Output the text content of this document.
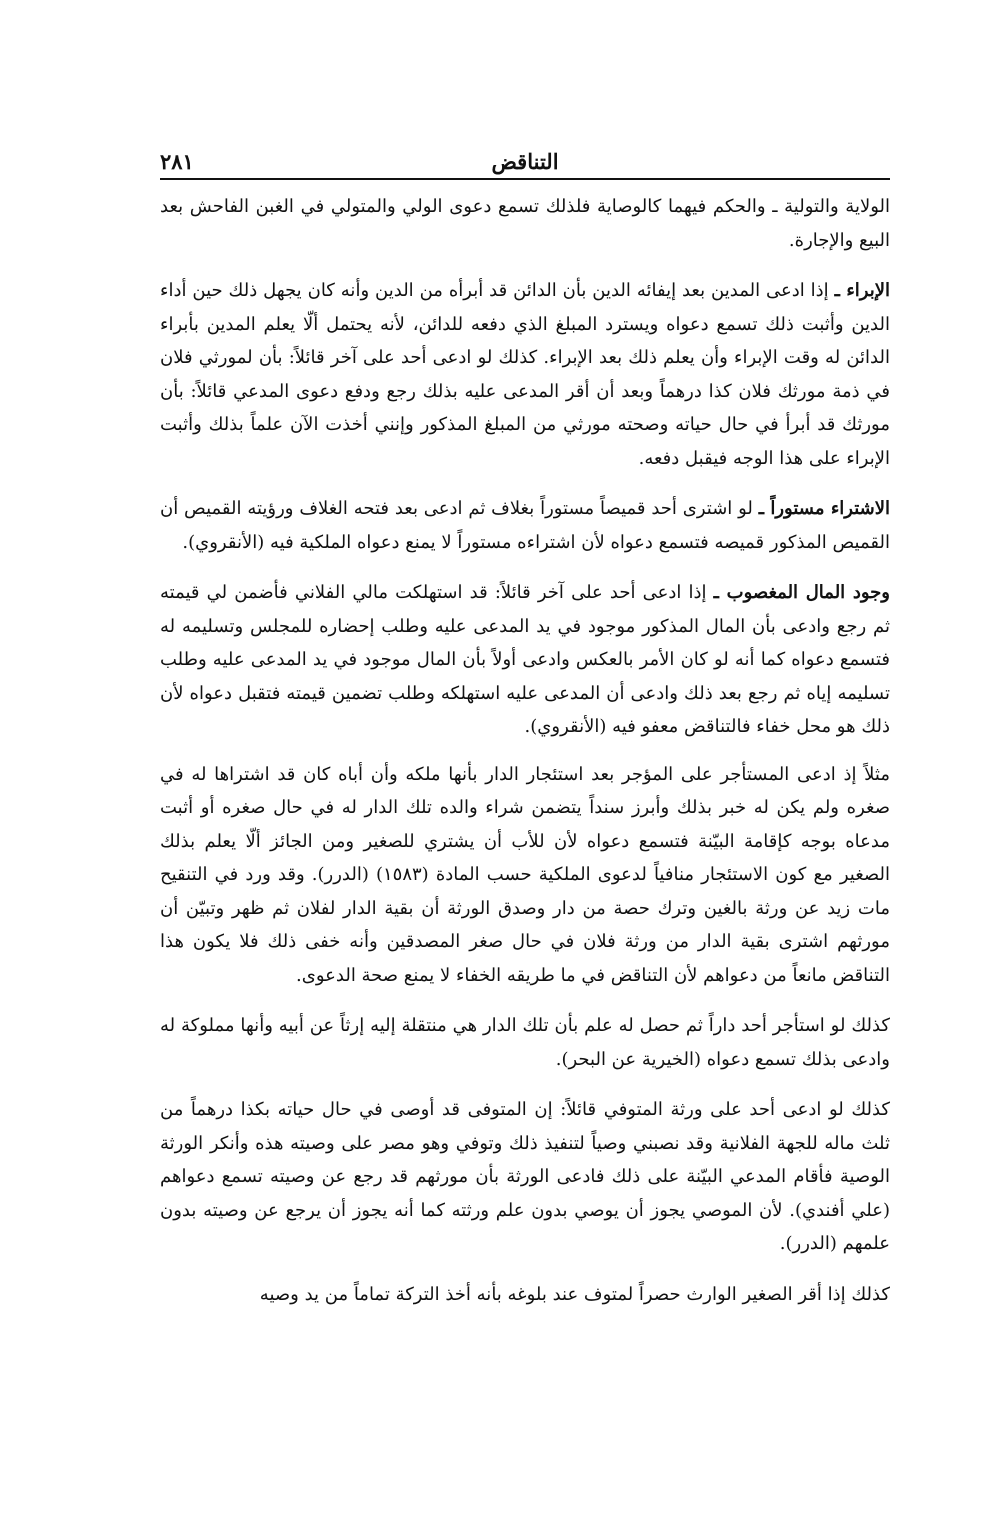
التناقض
٢٨١

الولاية والتولية ـ والحكم فيهما كالوصاية فلذلك تسمع دعوى الولي والمتولي في الغبن الفاحش بعد البيع والإجارة.

الإبراء ـ إذا ادعى المدين بعد إيفائه الدين بأن الدائن قد أبرأه من الدين وأنه كان يجهل ذلك حين أداء الدين وأثبت ذلك تسمع دعواه ويسترد المبلغ الذي دفعه للدائن، لأنه يحتمل ألّا يعلم المدين بأبراء الدائن له وقت الإبراء وأن يعلم ذلك بعد الإبراء. كذلك لو ادعى أحد على آخر قائلاً: بأن لمورثي فلان في ذمة مورثك فلان كذا درهماً وبعد أن أقر المدعى عليه بذلك رجع ودفع دعوى المدعي قائلاً: بأن مورثك قد أبرأ في حال حياته وصحته مورثي من المبلغ المذكور وإنني أخذت الآن علماً بذلك وأثبت الإبراء على هذا الوجه فيقبل دفعه.

الاشتراء مستوراً ـ لو اشترى أحد قميصاً مستوراً بغلاف ثم ادعى بعد فتحه الغلاف ورؤيته القميص أن القميص المذكور قميصه فتسمع دعواه لأن اشتراءه مستوراً لا يمنع دعواه الملكية فيه (الأنقروي).

وجود المال المغصوب ـ إذا ادعى أحد على آخر قائلاً: قد استهلكت مالي الفلاني فأضمن لي قيمته ثم رجع وادعى بأن المال المذكور موجود في يد المدعى عليه وطلب إحضاره للمجلس وتسليمه له فتسمع دعواه كما أنه لو كان الأمر بالعكس وادعى أولاً بأن المال موجود في يد المدعى عليه وطلب تسليمه إياه ثم رجع بعد ذلك وادعى أن المدعى عليه استهلكه وطلب تضمين قيمته فتقبل دعواه لأن ذلك هو محل خفاء فالتناقض معفو فيه (الأنقروي).

مثلاً إذ ادعى المستأجر على المؤجر بعد استئجار الدار بأنها ملكه وأن أباه كان قد اشتراها له في صغره ولم يكن له خبر بذلك وأبرز سنداً يتضمن شراء والده تلك الدار له في حال صغره أو أثبت مدعاه بوجه كإقامة البيّنة فتسمع دعواه لأن للأب أن يشتري للصغير ومن الجائز ألّا يعلم بذلك الصغير مع كون الاستئجار منافياً لدعوى الملكية حسب المادة (١٥٨٣) (الدرر). وقد ورد في التنقيح مات زيد عن ورثة بالغين وترك حصة من دار وصدق الورثة أن بقية الدار لفلان ثم ظهر وتبيّن أن مورثهم اشترى بقية الدار من ورثة فلان في حال صغر المصدقين وأنه خفى ذلك فلا يكون هذا التناقض مانعاً من دعواهم لأن التناقض في ما طريقه الخفاء لا يمنع صحة الدعوى.

كذلك لو استأجر أحد داراً ثم حصل له علم بأن تلك الدار هي منتقلة إليه إرثاً عن أبيه وأنها مملوكة له وادعى بذلك تسمع دعواه (الخيرية عن البحر).

كذلك لو ادعى أحد على ورثة المتوفي قائلاً: إن المتوفى قد أوصى في حال حياته بكذا درهماً من ثلث ماله للجهة الفلانية وقد نصبني وصياً لتنفيذ ذلك وتوفي وهو مصر على وصيته هذه وأنكر الورثة الوصية فأقام المدعي البيّنة على ذلك فادعى الورثة بأن مورثهم قد رجع عن وصيته تسمع دعواهم (علي أفندي). لأن الموصي يجوز أن يوصي بدون علم ورثته كما أنه يجوز أن يرجع عن وصيته بدون علمهم (الدرر).

كذلك إذا أقر الصغير الوارث حصراً لمتوف عند بلوغه بأنه أخذ التركة تماماً من يد وصيه
